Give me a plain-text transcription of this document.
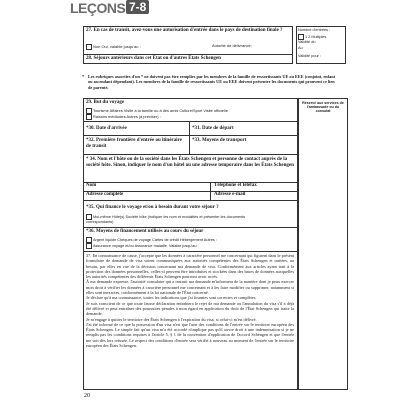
LEÇONS 7-8
27. En cas de transit, avez-vous une autorisation d'entrée dans le pays de destination finale ?
Non Oui, valable jusqu'au :	Autorité de délivrance:
28. Séjours antérieurs dans cet État ou d'autres États Schengen
Nombre d'entrées :
1 2 Multiples
Validité du
Au
Validité pour :
* Les rubriques assorties d'un * ne doivent pas être remplies par les membres de la famille de ressortissants UE ou EEE (conjoint, enfant ou ascendant dépendant). Les membres de la famille de ressortissants UE ou EEE doivent présenter les documents qui prouvent ce lien de parenté.
Réservé aux services de l'ambassade ou du consulat
29. But du voyage
Tourisme Affaires Visite à la famille ou à des amis Culture/Sport Visite officielle
Raisons médicales Autres (à préciser) :
*30. Date d'arrivée	*31. Date de départ
*32. Première frontière d'entrée ou itinéraire de transit
*33. Moyens de transport
* 34. Nom et l'hôte ou de la société dans les États Schengen et personne de contact auprès de la société hôte. Sinon, indiquer le nom d'un hôtel ou une adresse temporaire dans les États Schengen
Nom	Téléphone et téléfax
Adresse complète	Adresse e-mail
*35. Qui finance le voyage et/ou à besoin durant votre séjour ?
Moi-même Hôte(s) Société hôte (indiquer les nom et modalités et présenter les documents
correspondants)
*36. Moyens de financement utilisés au cours du séjour
Argent liquide Chèques de voyage Cartes de crédit Hébergement Autres :
Assurance voyage et/ou Assurance maladie. Valable jusqu'au :
37. En connaissance de cause, j'accepte que les données à caractère personnel me concernant qui figurent dans le présent formulaire de demande de visa soient communiquées aux autorités compétentes des États Schengen et traitées, au besoin, par elles en vue de la décision concernant ma demande de visa. Conformément aux articles ayant trait à la protection des données personnelles, celles-ci peuvent être introduites et stockées dans des bases de données auxquelles les autorités compétentes des différents États Schengen pourront avoir accès.
À ma demande expresse, l'autorité consulaire qui a instruit ma demande m'informera de la manière dont je peux exercer mon droit à vérifier les données à caractère personnel me concernant et à les faire modifier ou supprimer, notamment si elles sont inexactes, conformément à la loi nationale de l'État concerné.
Je déclare qu'à ma connaissance, toutes les indications que j'ai fournies sont correctes et complètes.
Je suis conscient de ce que toute fausse déclaration entraînera le rejet de ma demande ou l'annulation du visa s'il a déjà été délivré et peut entraîner des poursuites pénales à mon égard en application du droit de l'État Schengen qui traite la demande.
Je m'engage à quitter le territoire des États Schengen à l'expiration du visa, si celui-ci m'est délivré.
J'ai été informé de ce que la possession d'un visa n'est que l'une des conditions de l'entrée sur le territoire européen des États Schengen. Le simple fait qu'un visa m'a été accordé n'implique pas qu'il ouvre droit à une indemnisation si je ne remplis pas les conditions requises à l'article 5, § 1 de la convention d'application de l'accord Schengen et que l'entrée me soit dès lors refusée. Le respect des conditions d'entrée sera vérifié à nouveau au moment de l'entrée sur le territoire européen des États Schengen.
20
